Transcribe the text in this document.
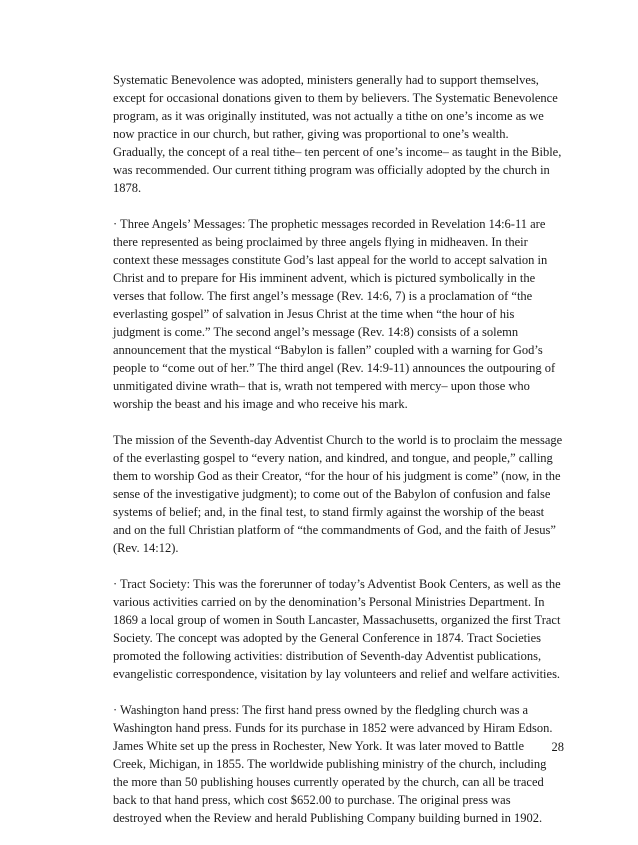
Systematic Benevolence was adopted, ministers generally had to support themselves,
except for occasional donations given to them by believers. The Systematic Benevolence
program, as it was originally instituted, was not actually a tithe on one’s income as we
now practice in our church, but rather, giving was proportional to one’s wealth.
Gradually, the concept of a real tithe– ten percent of one’s income– as taught in the Bible,
was recommended. Our current tithing program was officially adopted by the church in
1878.

· Three Angels’ Messages: The prophetic messages recorded in Revelation 14:6-11 are
there represented as being proclaimed by three angels flying in midheaven. In their
context these messages constitute God’s last appeal for the world to accept salvation in
Christ and to prepare for His imminent advent, which is pictured symbolically in the
verses that follow. The first angel’s message (Rev. 14:6, 7) is a proclamation of “the
everlasting gospel” of salvation in Jesus Christ at the time when “the hour of his
judgment is come.” The second angel’s message (Rev. 14:8) consists of a solemn
announcement that the mystical “Babylon is fallen” coupled with a warning for God’s
people to “come out of her.” The third angel (Rev. 14:9-11) announces the outpouring of
unmitigated divine wrath– that is, wrath not tempered with mercy– upon those who
worship the beast and his image and who receive his mark.

The mission of the Seventh-day Adventist Church to the world is to proclaim the message
of the everlasting gospel to “every nation, and kindred, and tongue, and people,” calling
them to worship God as their Creator, “for the hour of his judgment is come” (now, in the
sense of the investigative judgment); to come out of the Babylon of confusion and false
systems of belief; and, in the final test, to stand firmly against the worship of the beast
and on the full Christian platform of “the commandments of God, and the faith of Jesus”
(Rev. 14:12).

· Tract Society: This was the forerunner of today’s Adventist Book Centers, as well as the
various activities carried on by the denomination’s Personal Ministries Department. In
1869 a local group of women in South Lancaster, Massachusetts, organized the first Tract
Society. The concept was adopted by the General Conference in 1874. Tract Societies
promoted the following activities: distribution of Seventh-day Adventist publications,
evangelistic correspondence, visitation by lay volunteers and relief and welfare activities.

· Washington hand press: The first hand press owned by the fledgling church was a
Washington hand press. Funds for its purchase in 1852 were advanced by Hiram Edson.
James White set up the press in Rochester, New York. It was later moved to Battle
Creek, Michigan, in 1855. The worldwide publishing ministry of the church, including
the more than 50 publishing houses currently operated by the church, can all be traced
back to that hand press, which cost $652.00 to purchase. The original press was
destroyed when the Review and herald Publishing Company building burned in 1902.

28
